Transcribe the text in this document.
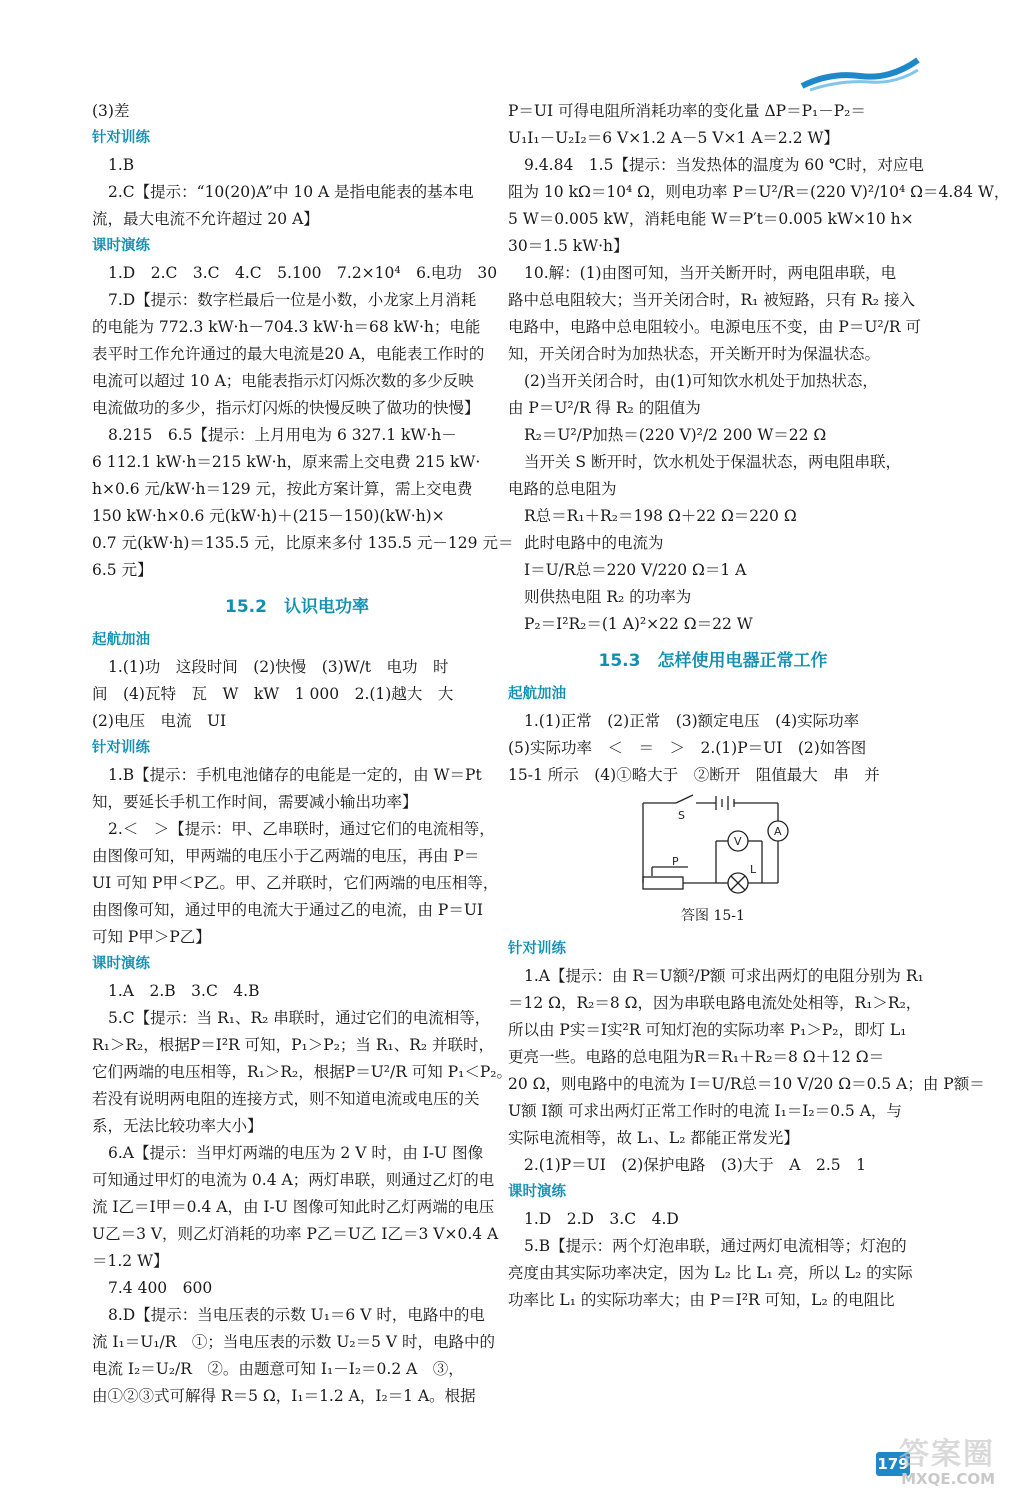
(3)差
针对训练
1.B
2.C【提示：“10(20)A”中 10 A 是指电能表的基本电
流，最大电流不允许超过 20 A】
课时演练
1.D　2.C　3.C　4.C　5.100　7.2×10⁴　6.电功　30
7.D【提示：数字栏最后一位是小数，小龙家上月消耗
的电能为 772.3 kW·h－704.3 kW·h＝68 kW·h；电能
表平时工作允许通过的最大电流是20 A，电能表工作时的
电流可以超过 10 A；电能表指示灯闪烁次数的多少反映
电流做功的多少，指示灯闪烁的快慢反映了做功的快慢】
8.215　6.5【提示：上月用电为 6 327.1 kW·h－
6 112.1 kW·h＝215 kW·h，原来需上交电费 215 kW·
h×0.6 元/kW·h＝129 元，按此方案计算，需上交电费
150 kW·h×0.6 元(kW·h)＋(215－150)(kW·h)×
0.7 元(kW·h)＝135.5 元，比原来多付 135.5 元－129 元＝
6.5 元】
15.2　认识电功率
起航加油
1.(1)功　这段时间　(2)快慢　(3)W/t　电功　时
间　(4)瓦特　瓦　W　kW　1 000　2.(1)越大　大
(2)电压　电流　UI
针对训练
1.B【提示：手机电池储存的电能是一定的，由 W＝Pt
知，要延长手机工作时间，需要减小输出功率】
2.＜　＞【提示：甲、乙串联时，通过它们的电流相等，
由图像可知，甲两端的电压小于乙两端的电压，再由 P＝
UI 可知 P甲＜P乙。甲、乙并联时，它们两端的电压相等，
由图像可知，通过甲的电流大于通过乙的电流，由 P＝UI
可知 P甲＞P乙】
课时演练
1.A　2.B　3.C　4.B
5.C【提示：当 R₁、R₂ 串联时，通过它们的电流相等，
R₁＞R₂，根据P＝I²R 可知，P₁＞P₂；当 R₁、R₂ 并联时，
它们两端的电压相等，R₁＞R₂，根据P＝U²/R 可知 P₁＜P₂。
若没有说明两电阻的连接方式，则不知道电流或电压的关
系，无法比较功率大小】
6.A【提示：当甲灯两端的电压为 2 V 时，由 I-U 图像
可知通过甲灯的电流为 0.4 A；两灯串联，则通过乙灯的电
流 I乙＝I甲＝0.4 A，由 I-U 图像可知此时乙灯两端的电压
U乙＝3 V，则乙灯消耗的功率 P乙＝U乙 I乙＝3 V×0.4 A
＝1.2 W】
7.4 400　600
8.D【提示：当电压表的示数 U₁＝6 V 时，电路中的电
流 I₁＝U₁/R　①；当电压表的示数 U₂＝5 V 时，电路中的
电流 I₂＝U₂/R　②。由题意可知 I₁－I₂＝0.2 A　③，
由①②③式可解得 R＝5 Ω，I₁＝1.2 A，I₂＝1 A。根据
P＝UI 可得电阻所消耗功率的变化量 ΔP＝P₁－P₂＝
U₁I₁－U₂I₂＝6 V×1.2 A－5 V×1 A＝2.2 W】
9.4.84　1.5【提示：当发热体的温度为 60 ℃时，对应电
阻为 10 kΩ＝10⁴ Ω，则电功率 P＝U²/R＝(220 V)²/10⁴ Ω＝4.84 W，
5 W＝0.005 kW，消耗电能 W＝P′t＝0.005 kW×10 h×
30＝1.5 kW·h】
10.解：(1)由图可知，当开关断开时，两电阻串联，电
路中总电阻较大；当开关闭合时，R₁ 被短路，只有 R₂ 接入
电路中，电路中总电阻较小。电源电压不变，由 P＝U²/R 可
知，开关闭合时为加热状态，开关断开时为保温状态。
(2)当开关闭合时，由(1)可知饮水机处于加热状态，
由 P＝U²/R 得 R₂ 的阻值为
R₂＝U²/P加热＝(220 V)²/2 200 W＝22 Ω
当开关 S 断开时，饮水机处于保温状态，两电阻串联，
电路的总电阻为
R总＝R₁＋R₂＝198 Ω＋22 Ω＝220 Ω
此时电路中的电流为
I＝U/R总＝220 V/220 Ω＝1 A
则供热电阻 R₂ 的功率为
P₂＝I²R₂＝(1 A)²×22 Ω＝22 W
15.3　怎样使用电器正常工作
起航加油
1.(1)正常　(2)正常　(3)额定电压　(4)实际功率
(5)实际功率　＜　＝　＞　2.(1)P＝UI　(2)如答图
15-1 所示　(4)①略大于　②断开　阻值最大　串　并
S
P
V
A
L
答图 15-1
针对训练
1.A【提示：由 R＝U额²/P额 可求出两灯的电阻分别为 R₁
＝12 Ω，R₂＝8 Ω，因为串联电路电流处处相等，R₁＞R₂，
所以由 P实＝I实²R 可知灯泡的实际功率 P₁＞P₂，即灯 L₁
更亮一些。电路的总电阻为R＝R₁＋R₂＝8 Ω＋12 Ω＝
20 Ω，则电路中的电流为 I＝U/R总＝10 V/20 Ω＝0.5 A；由 P额＝
U额 I额 可求出两灯正常工作时的电流 I₁＝I₂＝0.5 A，与
实际电流相等，故 L₁、L₂ 都能正常发光】
2.(1)P＝UI　(2)保护电路　(3)大于　A　2.5　1
课时演练
1.D　2.D　3.C　4.D
5.B【提示：两个灯泡串联，通过两灯电流相等；灯泡的
亮度由其实际功率决定，因为 L₂ 比 L₁ 亮，所以 L₂ 的实际
功率比 L₁ 的实际功率大；由 P＝I²R 可知，L₂ 的电阻比
179
答案圈
MXQE.COM
